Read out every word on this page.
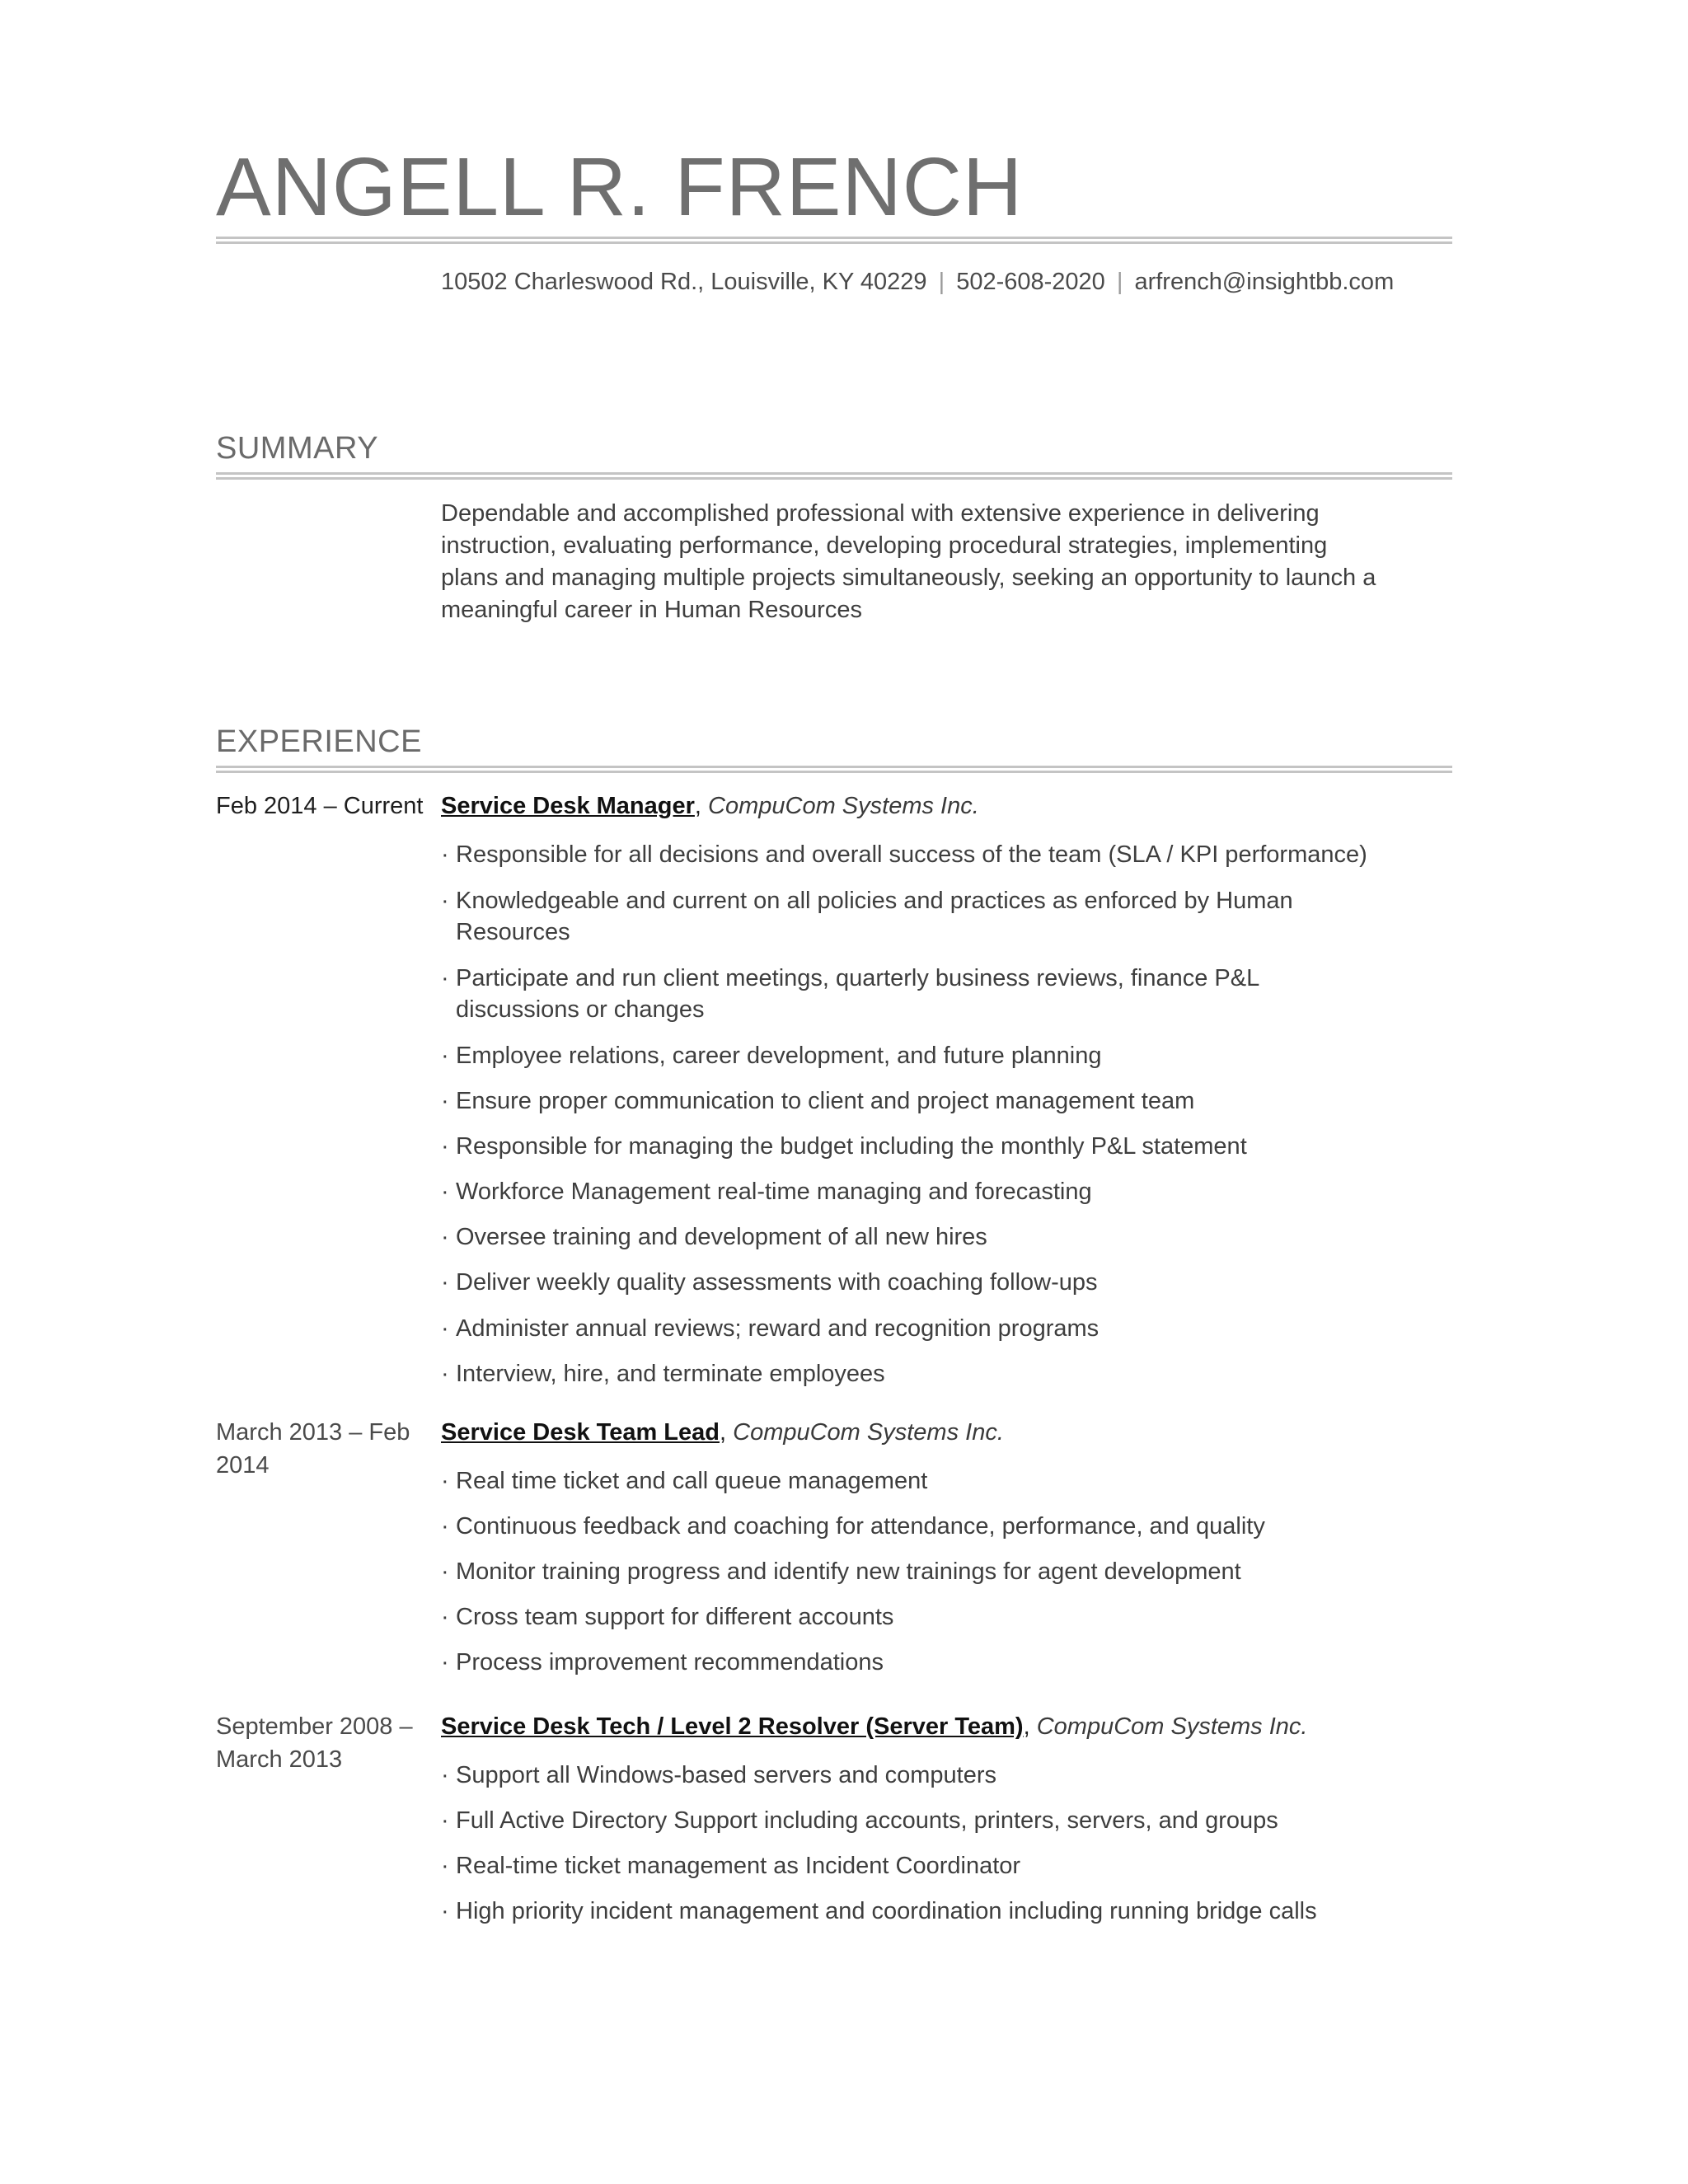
ANGELL R. FRENCH
10502 Charleswood Rd., Louisville, KY 40229 | 502-608-2020 | arfrench@insightbb.com
SUMMARY

Dependable and accomplished professional with extensive experience in delivering instruction, evaluating performance, developing procedural strategies, implementing plans and managing multiple projects simultaneously, seeking an opportunity to launch a meaningful career in Human Resources

EXPERIENCE
Feb 2014 – Current Service Desk Manager, CompuCom Systems Inc.
· Responsible for all decisions and overall success of the team (SLA / KPI performance)
· Knowledgeable and current on all policies and practices as enforced by Human Resources
· Participate and run client meetings, quarterly business reviews, finance P&L discussions or changes
· Employee relations, career development, and future planning
· Ensure proper communication to client and project management team
· Responsible for managing the budget including the monthly P&L statement
· Workforce Management real-time managing and forecasting
· Oversee training and development of all new hires
· Deliver weekly quality assessments with coaching follow-ups
· Administer annual reviews; reward and recognition programs
· Interview, hire, and terminate employees
March 2013 – Feb 2014
Service Desk Team Lead, CompuCom Systems Inc.
· Real time ticket and call queue management
· Continuous feedback and coaching for attendance, performance, and quality
· Monitor training progress and identify new trainings for agent development
· Cross team support for different accounts
· Process improvement recommendations
September 2008 – March 2013
Service Desk Tech / Level 2 Resolver (Server Team), CompuCom Systems Inc.
· Support all Windows-based servers and computers
· Full Active Directory Support including accounts, printers, servers, and groups
· Real-time ticket management as Incident Coordinator
· High priority incident management and coordination including running bridge calls
